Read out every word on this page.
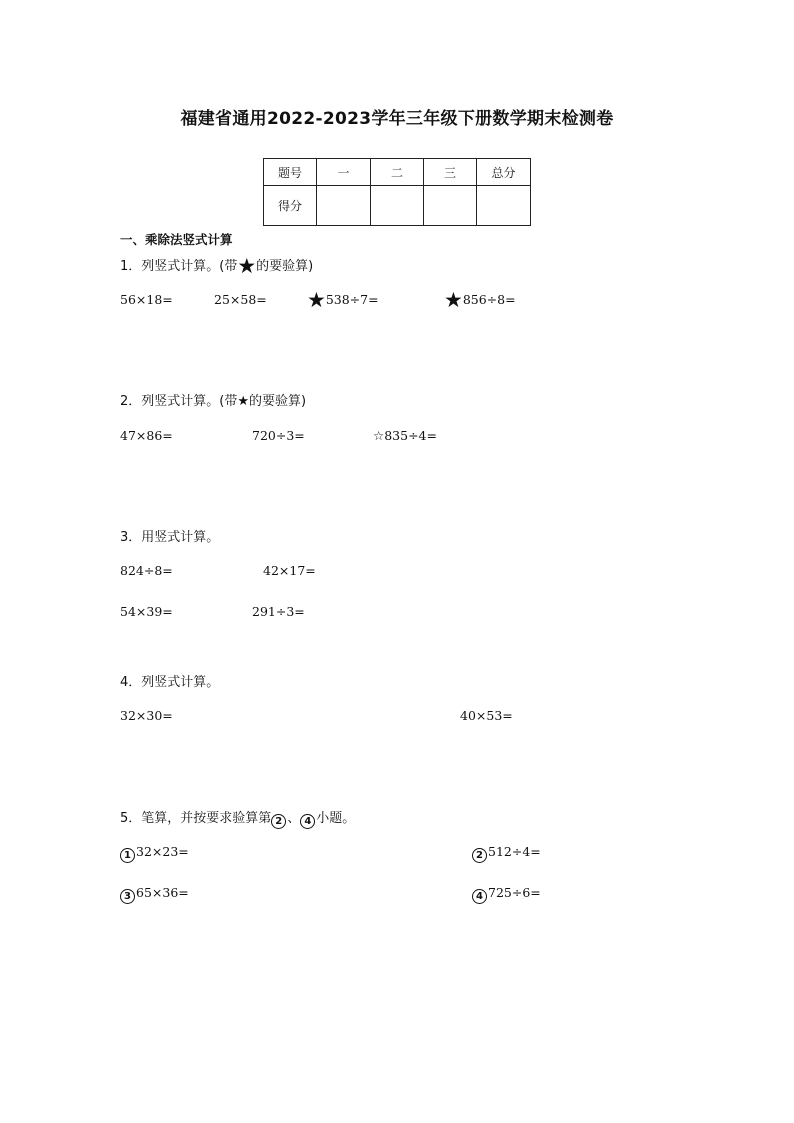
福建省通用2022-2023学年三年级下册数学期末检测卷
题号	一	二	三	总分
得分				
一、乘除法竖式计算
1．列竖式计算。(带★的要验算)
56×18=	25×58= ★538÷7=	★856÷8=
2．列竖式计算。(带★的要验算)
47×86=	720÷3=	☆835÷4=
3．用竖式计算。
824÷8=	42×17=
54×39=	291÷3=
4．列竖式计算。
32×30=	40×53=
5．笔算，并按要求验算第 2 、 4 小题。
1 32×23=	2 512÷4=
3 65×36=	4 725÷6=
